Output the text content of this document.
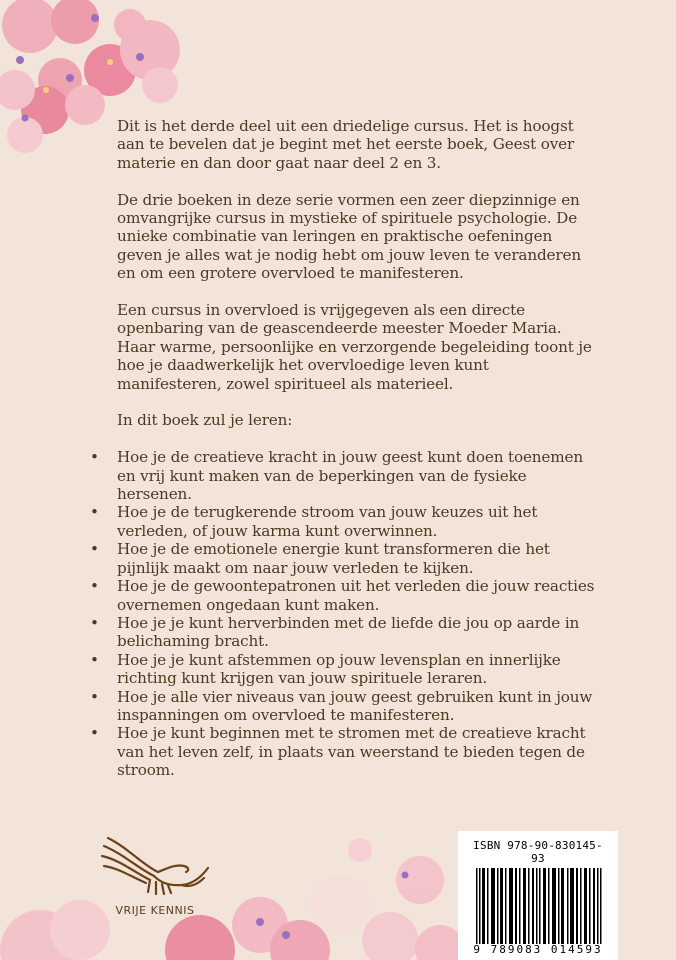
Dit is het derde deel uit een driedelige cursus. Het is hoogst aan te bevelen dat je begint met het eerste boek, Geest over materie en dan door gaat naar deel 2 en 3.

De drie boeken in deze serie vormen een zeer diepzinnige en omvangrijke cursus in mystieke of spirituele psychologie. De unieke combinatie van leringen en praktische oefeningen geven je alles wat je nodig hebt om jouw leven te veranderen en om een grotere overvloed te manifesteren.

Een cursus in overvloed is vrijgegeven als een directe openbaring van de geascendeerde meester Moeder Maria. Haar warme, persoonlijke en verzorgende begeleiding toont je hoe je daadwerkelijk het overvloedige leven kunt manifesteren, zowel spiritueel als materieel.

In dit boek zul je leren:

Hoe je de creatieve kracht in jouw geest kunt doen toenemen en vrij kunt maken van de beperkingen van de fysieke hersenen.
Hoe je de terugkerende stroom van jouw keuzes uit het verleden, of jouw karma kunt overwinnen.
Hoe je de emotionele energie kunt transformeren die het pijnlijk maakt om naar jouw verleden te kijken.
Hoe je de gewoontepatronen uit het verleden die jouw reacties overnemen ongedaan kunt maken.
Hoe je je kunt herverbinden met de liefde die jou op aarde in belichaming bracht.
Hoe je je kunt afstemmen op jouw levensplan en innerlijke richting kunt krijgen van jouw spirituele leraren.
Hoe je alle vier niveaus van jouw geest gebruiken kunt in jouw inspanningen om overvloed te manifesteren.
Hoe je kunt beginnen met te stromen met de creatieve kracht van het leven zelf, in plaats van weerstand te bieden tegen de stroom.
VRIJE KENNIS
ISBN 978-90-830145-93
9 789083 014593
